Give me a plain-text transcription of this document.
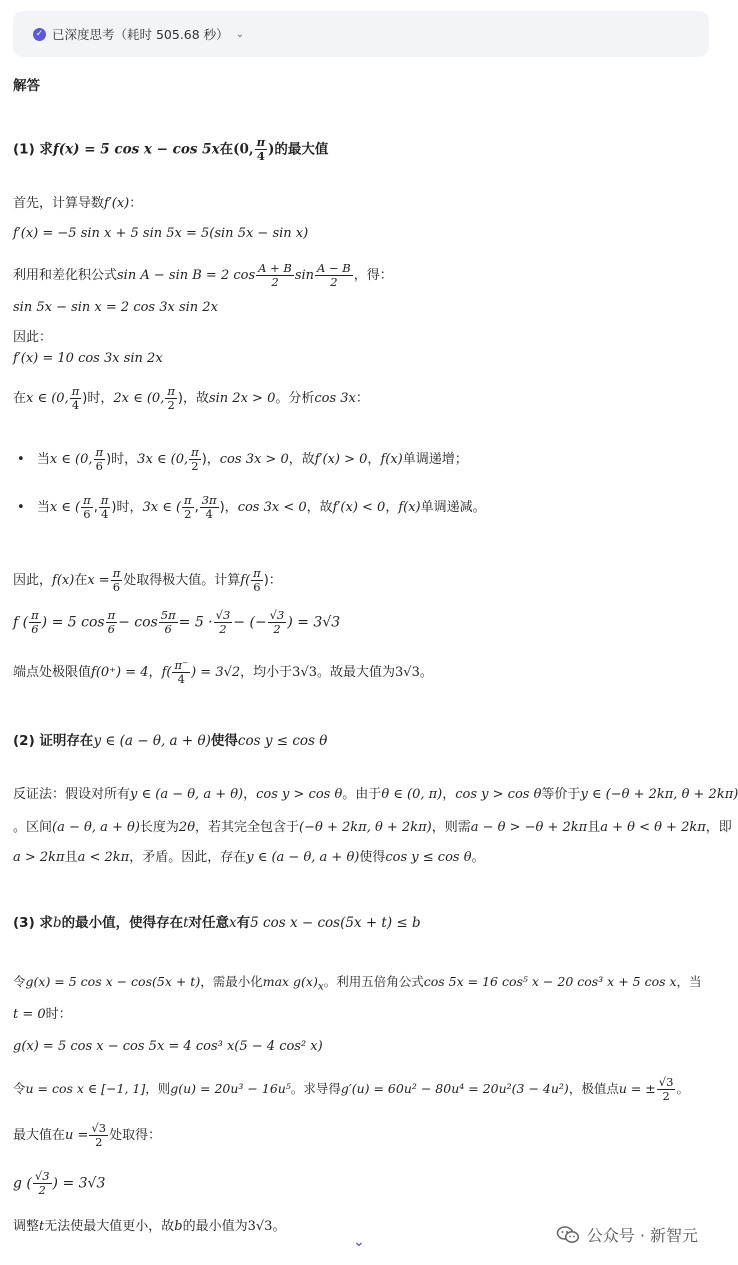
✓ 已深度思考（耗时 505.68 秒） ⌄
解答
(1) 求f(x) = 5 cos x − cos 5x在(0, $\frac{\pi}{4}$ )的最大值
首先，计算导数f′(x)：
f′(x) = −5 sin x + 5 sin 5x = 5(sin 5x − sin x)
利用和差化积公式sin A − sin B = 2 $\cos \frac{A + B}{2}$ $\sin \frac{A - B}{2}$ ，得：
sin 5x − sin x = 2 cos 3x sin 2x
因此：
f′(x) = 10 cos 3x sin 2x
在x ∈ (0, $\frac{\pi}{4}$ )时，2x ∈ (0, $\frac{\pi}{2}$ )，故sin 2x > 0。分析cos 3x：
• 当x ∈ (0, $\frac{\pi}{6}$ )时，3x ∈ (0, $\frac{\pi}{2}$ )，cos 3x > 0，故f′(x) > 0，f(x)单调递增；
• 当x ∈ ( $\frac{\pi}{6}$ , $\frac{\pi}{4}$ )时，3x ∈ ( $\frac{\pi}{2}$ , $\frac{3\pi}{4}$ )，cos 3x < 0，故f′(x) < 0，f(x)单调递减。
因此，f(x)在$x = \frac{\pi}{6}$ 处取得极大值。计算$f( \frac{\pi}{6}$ )：
f ( $\frac{\pi}{6}$ ) = 5 $\cos \frac{\pi}{6} - \cos \frac{5\pi}{6} = 5 \cdot \frac{√3}{2}$ − (− $\frac{√3}{2}$ ) = 3√3
端点处极限值f(0⁺) = 4，$f( \frac{\pi^-}{4}$ ) = 3√2，均小于3√3。故最大值为3√3。
(2) 证明存在y ∈ (a − θ, a + θ)使得cos y ≤ cos θ
反证法：假设对所有y ∈ (a − θ, a + θ)，cos y > cos θ。由于θ ∈ (0, π)，cos y > cos θ等价于y ∈ (−θ + 2kπ, θ + 2kπ)
。区间(a − θ, a + θ)长度为2θ，若其完全包含于(−θ + 2kπ, θ + 2kπ)，则需a − θ > −θ + 2kπ且a + θ < θ + 2kπ，即
a > 2kπ且a < 2kπ，矛盾。因此，存在y ∈ (a − θ, a + θ)使得cos y ≤ cos θ。
(3) 求b的最小值，使得存在t对任意x有5 cos x − cos(5x + t) ≤ b
令g(x) = 5 cos x − cos(5x + t)，需最小化$\max g(x)_x$。利用五倍角公式cos 5x = 16 cos⁵ x − 20 cos³ x + 5 cos x，当
t = 0时：
g(x) = 5 cos x − cos 5x = 4 cos³ x(5 − 4 cos² x)
令u = cos x ∈ [−1, 1]，则g(u) = 20u³ − 16u⁵。求导得g′(u) = 60u² − 80u⁴ = 20u²(3 − 4u²)，极值点u = ± $\frac{√3}{2}$ 。
最大值在$u = \frac{√3}{2}$ 处取得：
g ( $\frac{√3}{2}$ ) = 3√3
调整t无法使最大值更小，故b的最小值为3√3。
⌄	公众号 · 新智元
